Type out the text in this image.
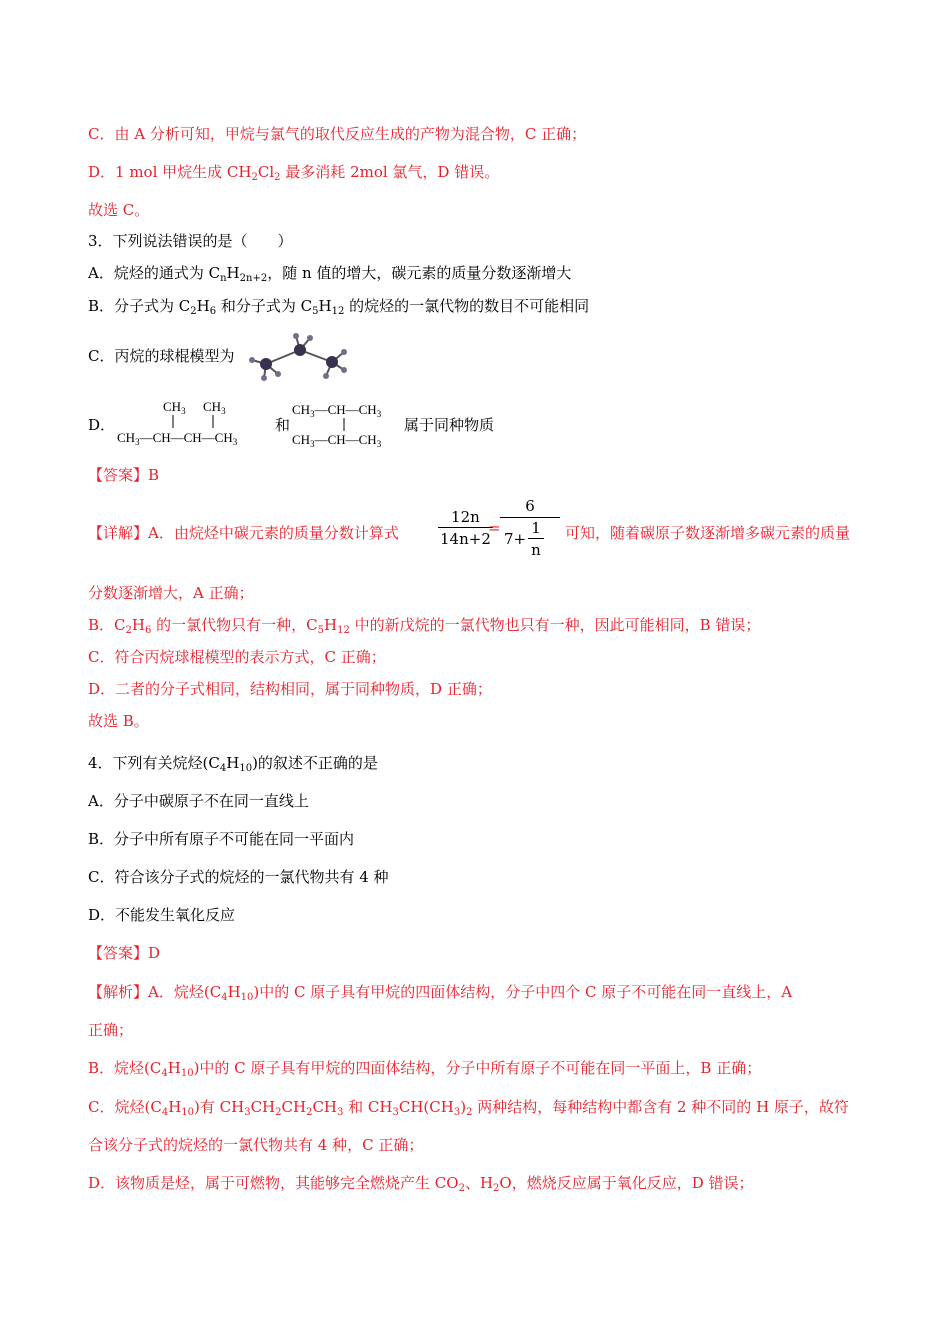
C．由 A 分析可知，甲烷与氯气的取代反应生成的产物为混合物，C 正确；
D．1 mol 甲烷生成 $CH_2Cl_2$ 最多消耗 2mol 氯气，D 错误。
故选 C。
3．下列说法错误的是（　　）
A．烷烃的通式为 $C_nH_{2n+2}$，随 n 值的增大，碳元素的质量分数逐渐增大
B．分子式为 $C_2H_6$ 和分子式为 $C_5H_{12}$ 的烷烃的一氯代物的数目不可能相同
C．丙烷的球棍模型为
D．
$CH_3$ $CH_3$
$CH_3—CH—CH—CH_3$
和
$CH_3—CH—CH_3$
$CH_3—CH—CH_3$
属于同种物质
【答案】B
【详解】A．由烷烃中碳元素的质量分数计算式	$\frac{12n}{14n+2}$
=
6
7+
1
n
可知，随着碳原子数逐渐增多碳元素的质量
分数逐渐增大，A 正确；
B．$C_2H_6$ 的一氯代物只有一种，$C_5H_{12}$ 中的新戊烷的一氯代物也只有一种，因此可能相同，B 错误；
C．符合丙烷球棍模型的表示方式，C 正确；
D．二者的分子式相同，结构相同，属于同种物质，D 正确；
故选 B。
4．下列有关烷烃$(C_4H_{10})$的叙述不正确的是
A．分子中碳原子不在同一直线上
B．分子中所有原子不可能在同一平面内
C．符合该分子式的烷烃的一氯代物共有 4 种
D．不能发生氧化反应
【答案】D
【解析】A．烷烃$(C_4H_{10})$中的 C 原子具有甲烷的四面体结构，分子中四个 C 原子不可能在同一直线上，A
正确；
B．烷烃$(C_4H_{10})$中的 C 原子具有甲烷的四面体结构，分子中所有原子不可能在同一平面上，B 正确；
C．烷烃$(C_4H_{10})$有 $CH_3CH_2CH_2CH_3$ 和 $CH_3CH(CH_3)_2$ 两种结构，每种结构中都含有 2 种不同的 H 原子，故符
合该分子式的烷烃的一氯代物共有 4 种，C 正确；
D．该物质是烃，属于可燃物，其能够完全燃烧产生 $CO_2$、$H_2O$，燃烧反应属于氧化反应，D 错误；
